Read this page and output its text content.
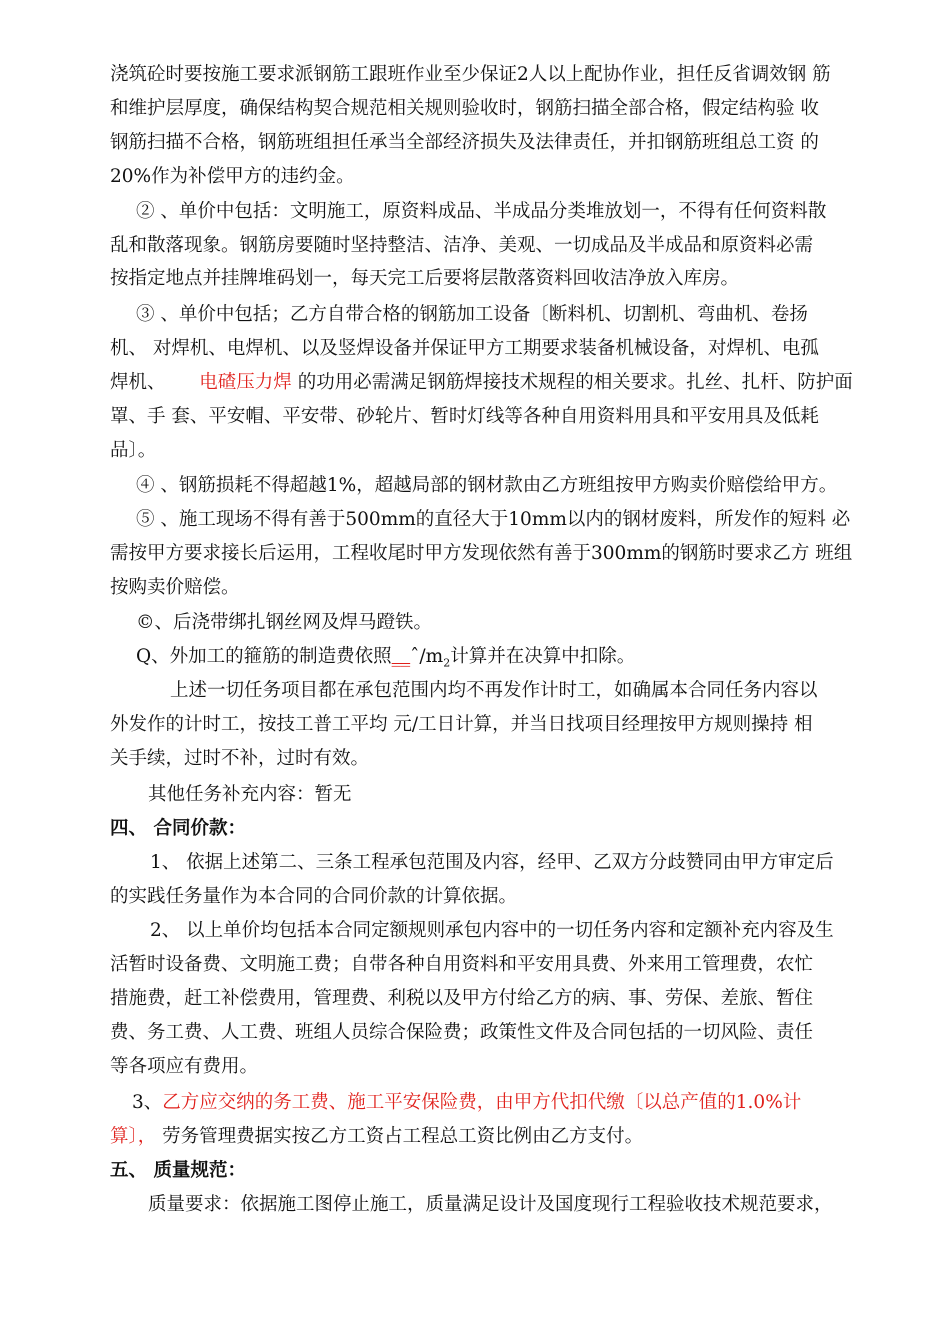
浇筑砼时要按施工要求派钢筋工跟班作业至少保证2人以上配协作业，担任反省调效钢 筋
和维护层厚度，确保结构契合规范相关规则验收时，钢筋扫描全部合格，假定结构验 收
钢筋扫描不合格，钢筋班组担任承当全部经济损失及法律责任，并扣钢筋班组总工资 的
20%作为补偿甲方的违约金。
② 、单价中包括：文明施工，原资料成品、半成品分类堆放划一，不得有任何资料散
乱和散落现象。钢筋房要随时坚持整洁、洁净、美观、一切成品及半成品和原资料必需
按指定地点并挂牌堆码划一，每天完工后要将层散落资料回收洁净放入库房。
③ 、单价中包括；乙方自带合格的钢筋加工设备〔断料机、切割机、弯曲机、卷扬
机、 对焊机、电焊机、以及竖焊设备并保证甲方工期要求装备机械设备，对焊机、电孤
焊机、 电碴压力焊 的功用必需满足钢筋焊接技术规程的相关要求。扎丝、扎杆、防护面
罩、手 套、平安帽、平安带、砂轮片、暂时灯线等各种自用资料用具和平安用具及低耗
品〕。
④ 、钢筋损耗不得超越1%，超越局部的钢材款由乙方班组按甲方购卖价赔偿给甲方。
⑤ 、施工现场不得有善于500mm的直径大于10mm以内的钢材废料，所发作的短料 必
需按甲方要求接长后运用，工程收尾时甲方发现依然有善于300mm的钢筋时要求乙方 班组
按购卖价赔偿。
©、后浇带绑扎钢丝网及焊马蹬铁。
Q、外加工的箍筋的制造费依照$\_\_ˆ/m_2$计算并在决算中扣除。
上述一切任务项目都在承包范围内均不再发作计时工，如确属本合同任务内容以
外发作的计时工，按技工普工平均 元/工日计算，并当日找项目经理按甲方规则操持 相
关手续，过时不补，过时有效。
其他任务补充内容：暂无
四、 合同价款：
1、 依据上述第二、三条工程承包范围及内容，经甲、乙双方分歧赞同由甲方审定后
的实践任务量作为本合同的合同价款的计算依据。
2、 以上单价均包括本合同定额规则承包内容中的一切任务内容和定额补充内容及生
活暂时设备费、文明施工费；自带各种自用资料和平安用具费、外来用工管理费，农忙
措施费，赶工补偿费用，管理费、利税以及甲方付给乙方的病、事、劳保、差旅、暂住
费、务工费、人工费、班组人员综合保险费；政策性文件及合同包括的一切风险、责任
等各项应有费用。
3、乙方应交纳的务工费、施工平安保险费，由甲方代扣代缴〔以总产值的1.0%计
算〕， 劳务管理费据实按乙方工资占工程总工资比例由乙方支付。
五、 质量规范：
质量要求：依据施工图停止施工，质量满足设计及国度现行工程验收技术规范要求，
